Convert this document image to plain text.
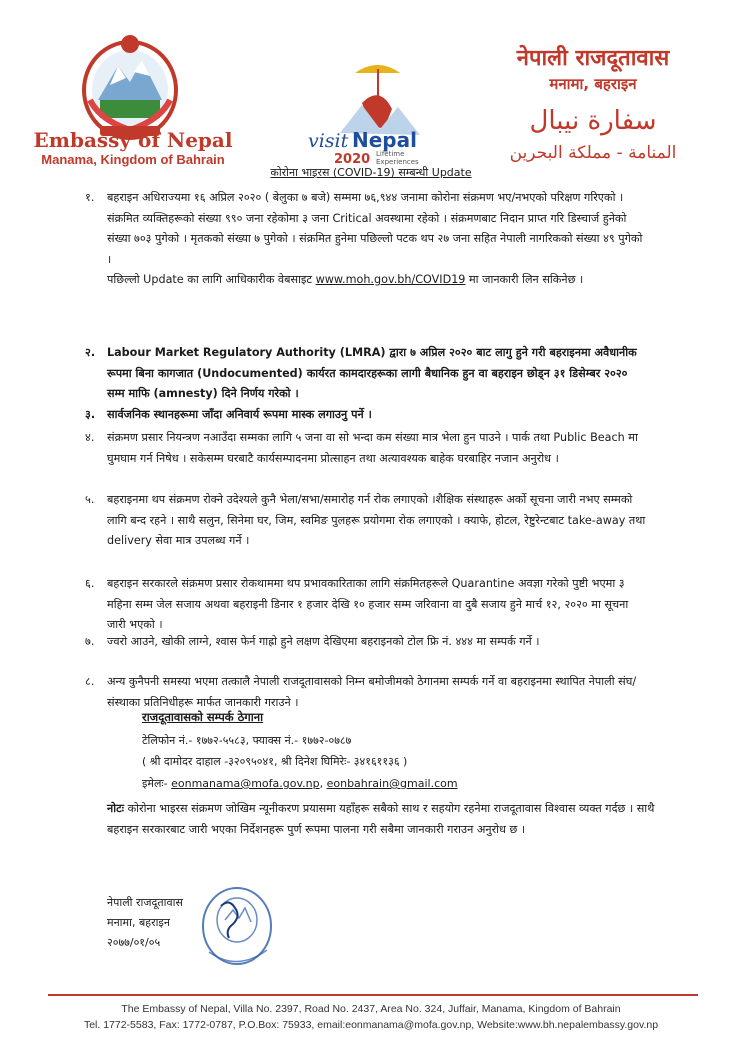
Embassy of Nepal
Manama, Kingdom of Bahrain
visit Nepal
2020 Lifetime
Experiences
नेपाली राजदूतावास
मनामा, बहराइन
سفارة نيبال
المنامة - مملكة البحرين
कोरोना भाइरस (COVID-19) सम्बन्धी Update
१. बहराइन अधिराज्यमा १६ अप्रिल २०२० ( बेलुका ७ बजे) सम्ममा ७६,९४४ जनामा कोरोना संक्रमण भए/नभएको परिक्षण गरिएको । संक्रमित व्यक्तिहरूको संख्या ९९० जना रहेकोमा ३ जना Critical अवस्थामा रहेको । संक्रमणबाट निदान प्राप्त गरि डिस्चार्ज हुनेको संख्या ७०३ पुगेको । मृतकको संख्या ७ पुगेको । संक्रमित हुनेमा पछिल्लो पटक थप २७ जना सहित नेपाली नागरिकको संख्या ४९ पुगेको ।
पछिल्लो Update का लागि आधिकारीक वेबसाइट www.moh.gov.bh/COVID19 मा जानकारी लिन सकिनेछ ।
२. Labour Market Regulatory Authority (LMRA) द्वारा ७ अप्रिल २०२० बाट लागु हुने गरी बहराइनमा अवैधानीक रूपमा बिना कागजात (Undocumented) कार्यरत कामदारहरूका लागी बैधानिक हुन वा बहराइन छोड्न ३१ डिसेम्बर २०२० सम्म माफि (amnesty) दिने निर्णय गरेको ।
३. सार्वजनिक स्थानहरूमा जाँदा अनिवार्य रूपमा मास्क लगाउनु पर्ने ।
४. संक्रमण प्रसार नियन्त्रण नआउँदा सम्मका लागि ५ जना वा सो भन्दा कम संख्या मात्र भेला हुन पाउने । पार्क तथा Public Beach मा घुमघाम गर्न निषेध । सकेसम्म घरबाटै कार्यसम्पादनमा प्रोत्साहन तथा अत्यावश्यक बाहेक घरबाहिर नजान अनुरोध ।
५. बहराइनमा थप संक्रमण रोक्ने उदेश्यले कुनै भेला/सभा/समारोह गर्न रोक लगाएको ।शैक्षिक संस्थाहरू अर्को सूचना जारी नभए सम्मको लागि बन्द रहने । साथै सलुन, सिनेमा घर, जिम, स्वमिङ पुलहरू प्रयोगमा रोक लगाएको । क्याफे, होटल, रेष्टुरेन्टबाट take-away तथा delivery सेवा मात्र उपलब्ध गर्ने ।
६. बहराइन सरकारले संक्रमण प्रसार रोकथाममा थप प्रभावकारिताका लागि संक्रमितहरूले Quarantine अवज्ञा गरेको पुष्टी भएमा ३ महिना सम्म जेल सजाय अथवा बहराइनी डिनार १ हजार देखि १० हजार सम्म जरिवाना वा दुबै सजाय हुने मार्च १२, २०२० मा सूचना जारी भएको ।
७. ज्वरो आउने, खोकी लाग्ने, श्वास फेर्न गाह्रो हुने लक्षण देखिएमा बहराइनको टोल फ्रि नं. ४४४ मा सम्पर्क गर्ने ।
८. अन्य कुनैपनी समस्या भएमा तत्कालै नेपाली राजदूतावासको निम्न बमोजीमको ठेगानमा सम्पर्क गर्ने वा बहराइनमा स्थापित नेपाली संघ/संस्थाका प्रतिनिधीहरू मार्फत जानकारी गराउने ।
राजदूतावासको सम्पर्क ठेगाना
टेलिफोन नं.- १७७२-५५८३, फ्याक्स नं.- १७७२-०७८७
( श्री दामोदर दाहाल -३२०९५०४१, श्री दिनेश घिमिरेः- ३४१६११३६ )
इमेलः- eonmanama@mofa.gov.np, eonbahrain@gmail.com
नोटः कोरोना भाइरस संक्रमण जोखिम न्यूनीकरण प्रयासमा यहाँहरू सबैको साथ र सहयोग रहनेमा राजदूतावास विश्वास व्यक्त गर्दछ । साथै बहराइन सरकारबाट जारी भएका निर्देशनहरू पुर्ण रूपमा पालना गरी सबैमा जानकारी गराउन अनुरोध छ ।
नेपाली राजदूतावास
मनामा, बहराइन
२०७७/०१/०५
The Embassy of Nepal, Villa No. 2397, Road No. 2437, Area No. 324, Juffair, Manama, Kingdom of Bahrain
Tel. 1772-5583, Fax: 1772-0787, P.O.Box: 75933, email:eonmanama@mofa.gov.np, Website:www.bh.nepalembassy.gov.np
